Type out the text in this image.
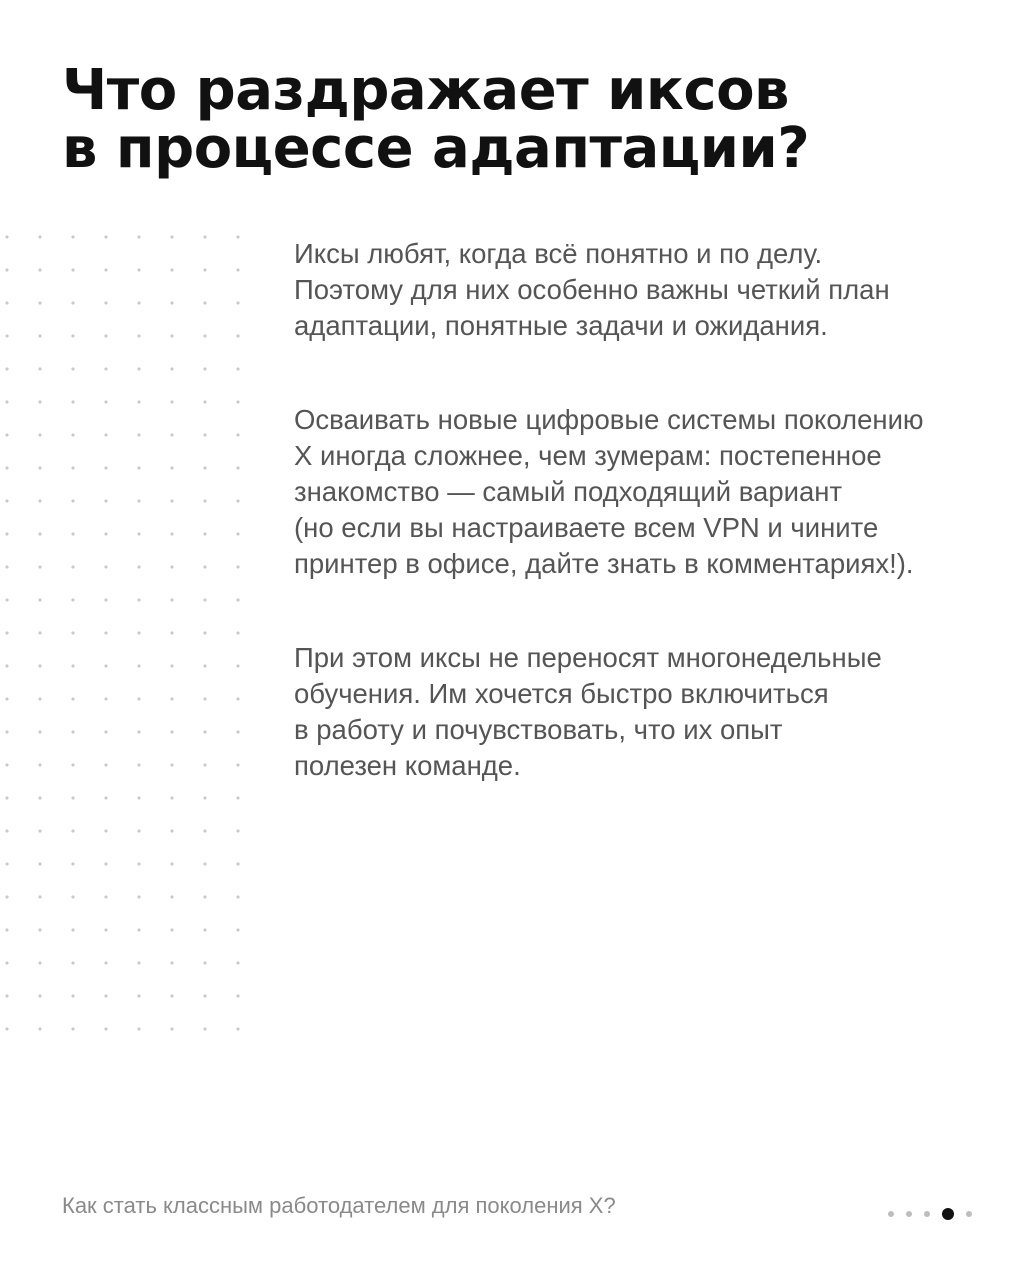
Что раздражает иксов
в процессе адаптации?

Иксы любят, когда всё понятно и по делу.
Поэтому для них особенно важны четкий план
адаптации, понятные задачи и ожидания.

Осваивать новые цифровые системы поколению
X иногда сложнее, чем зумерам: постепенное
знакомство — самый подходящий вариант
(но если вы настраиваете всем VPN и чините
принтер в офисе, дайте знать в комментариях!).

При этом иксы не переносят многонедельные
обучения. Им хочется быстро включиться
в работу и почувствовать, что их опыт
полезен команде.

Как стать классным работодателем для поколения X?
